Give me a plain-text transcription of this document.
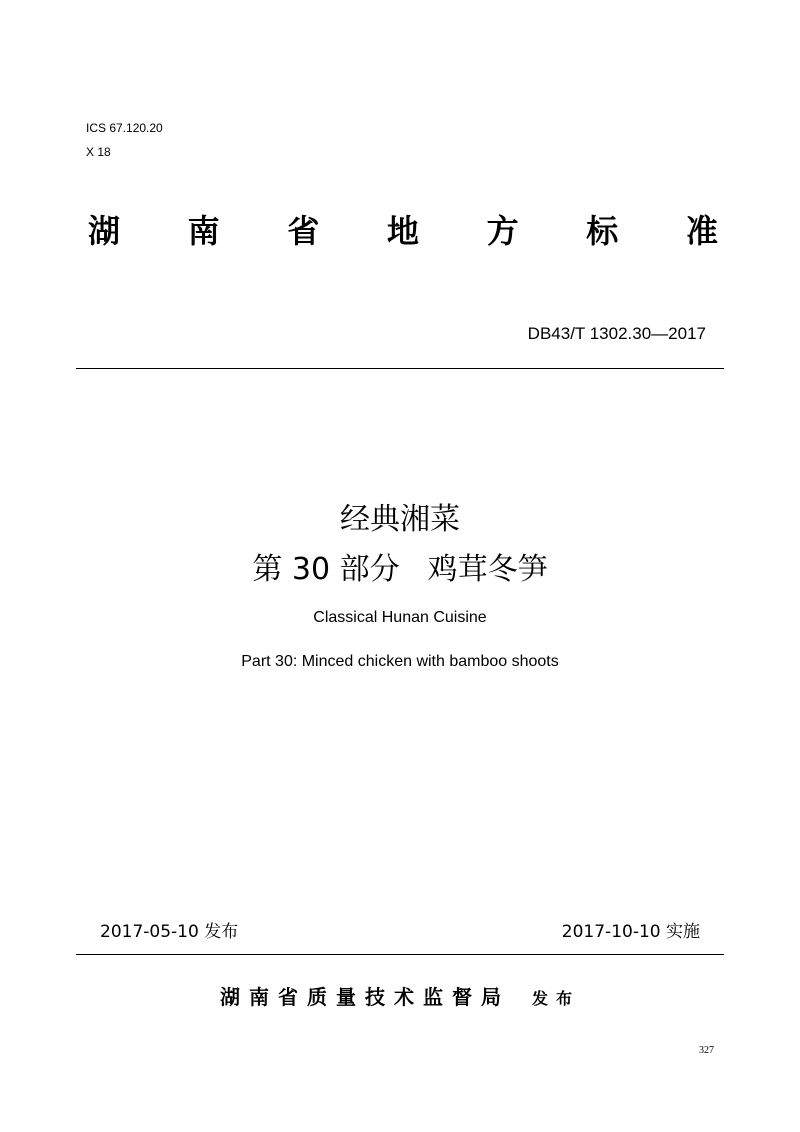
ICS 67.120.20
X 18
湖 南 省 地 方 标 准
DB43/T 1302.30—2017
经典湘菜
第 30 部分 鸡茸冬笋
Classical Hunan Cuisine
Part 30: Minced chicken with bamboo shoots
2017-05-10 发布	2017-10-10 实施
湖南省质量技术监督局 发布
327
